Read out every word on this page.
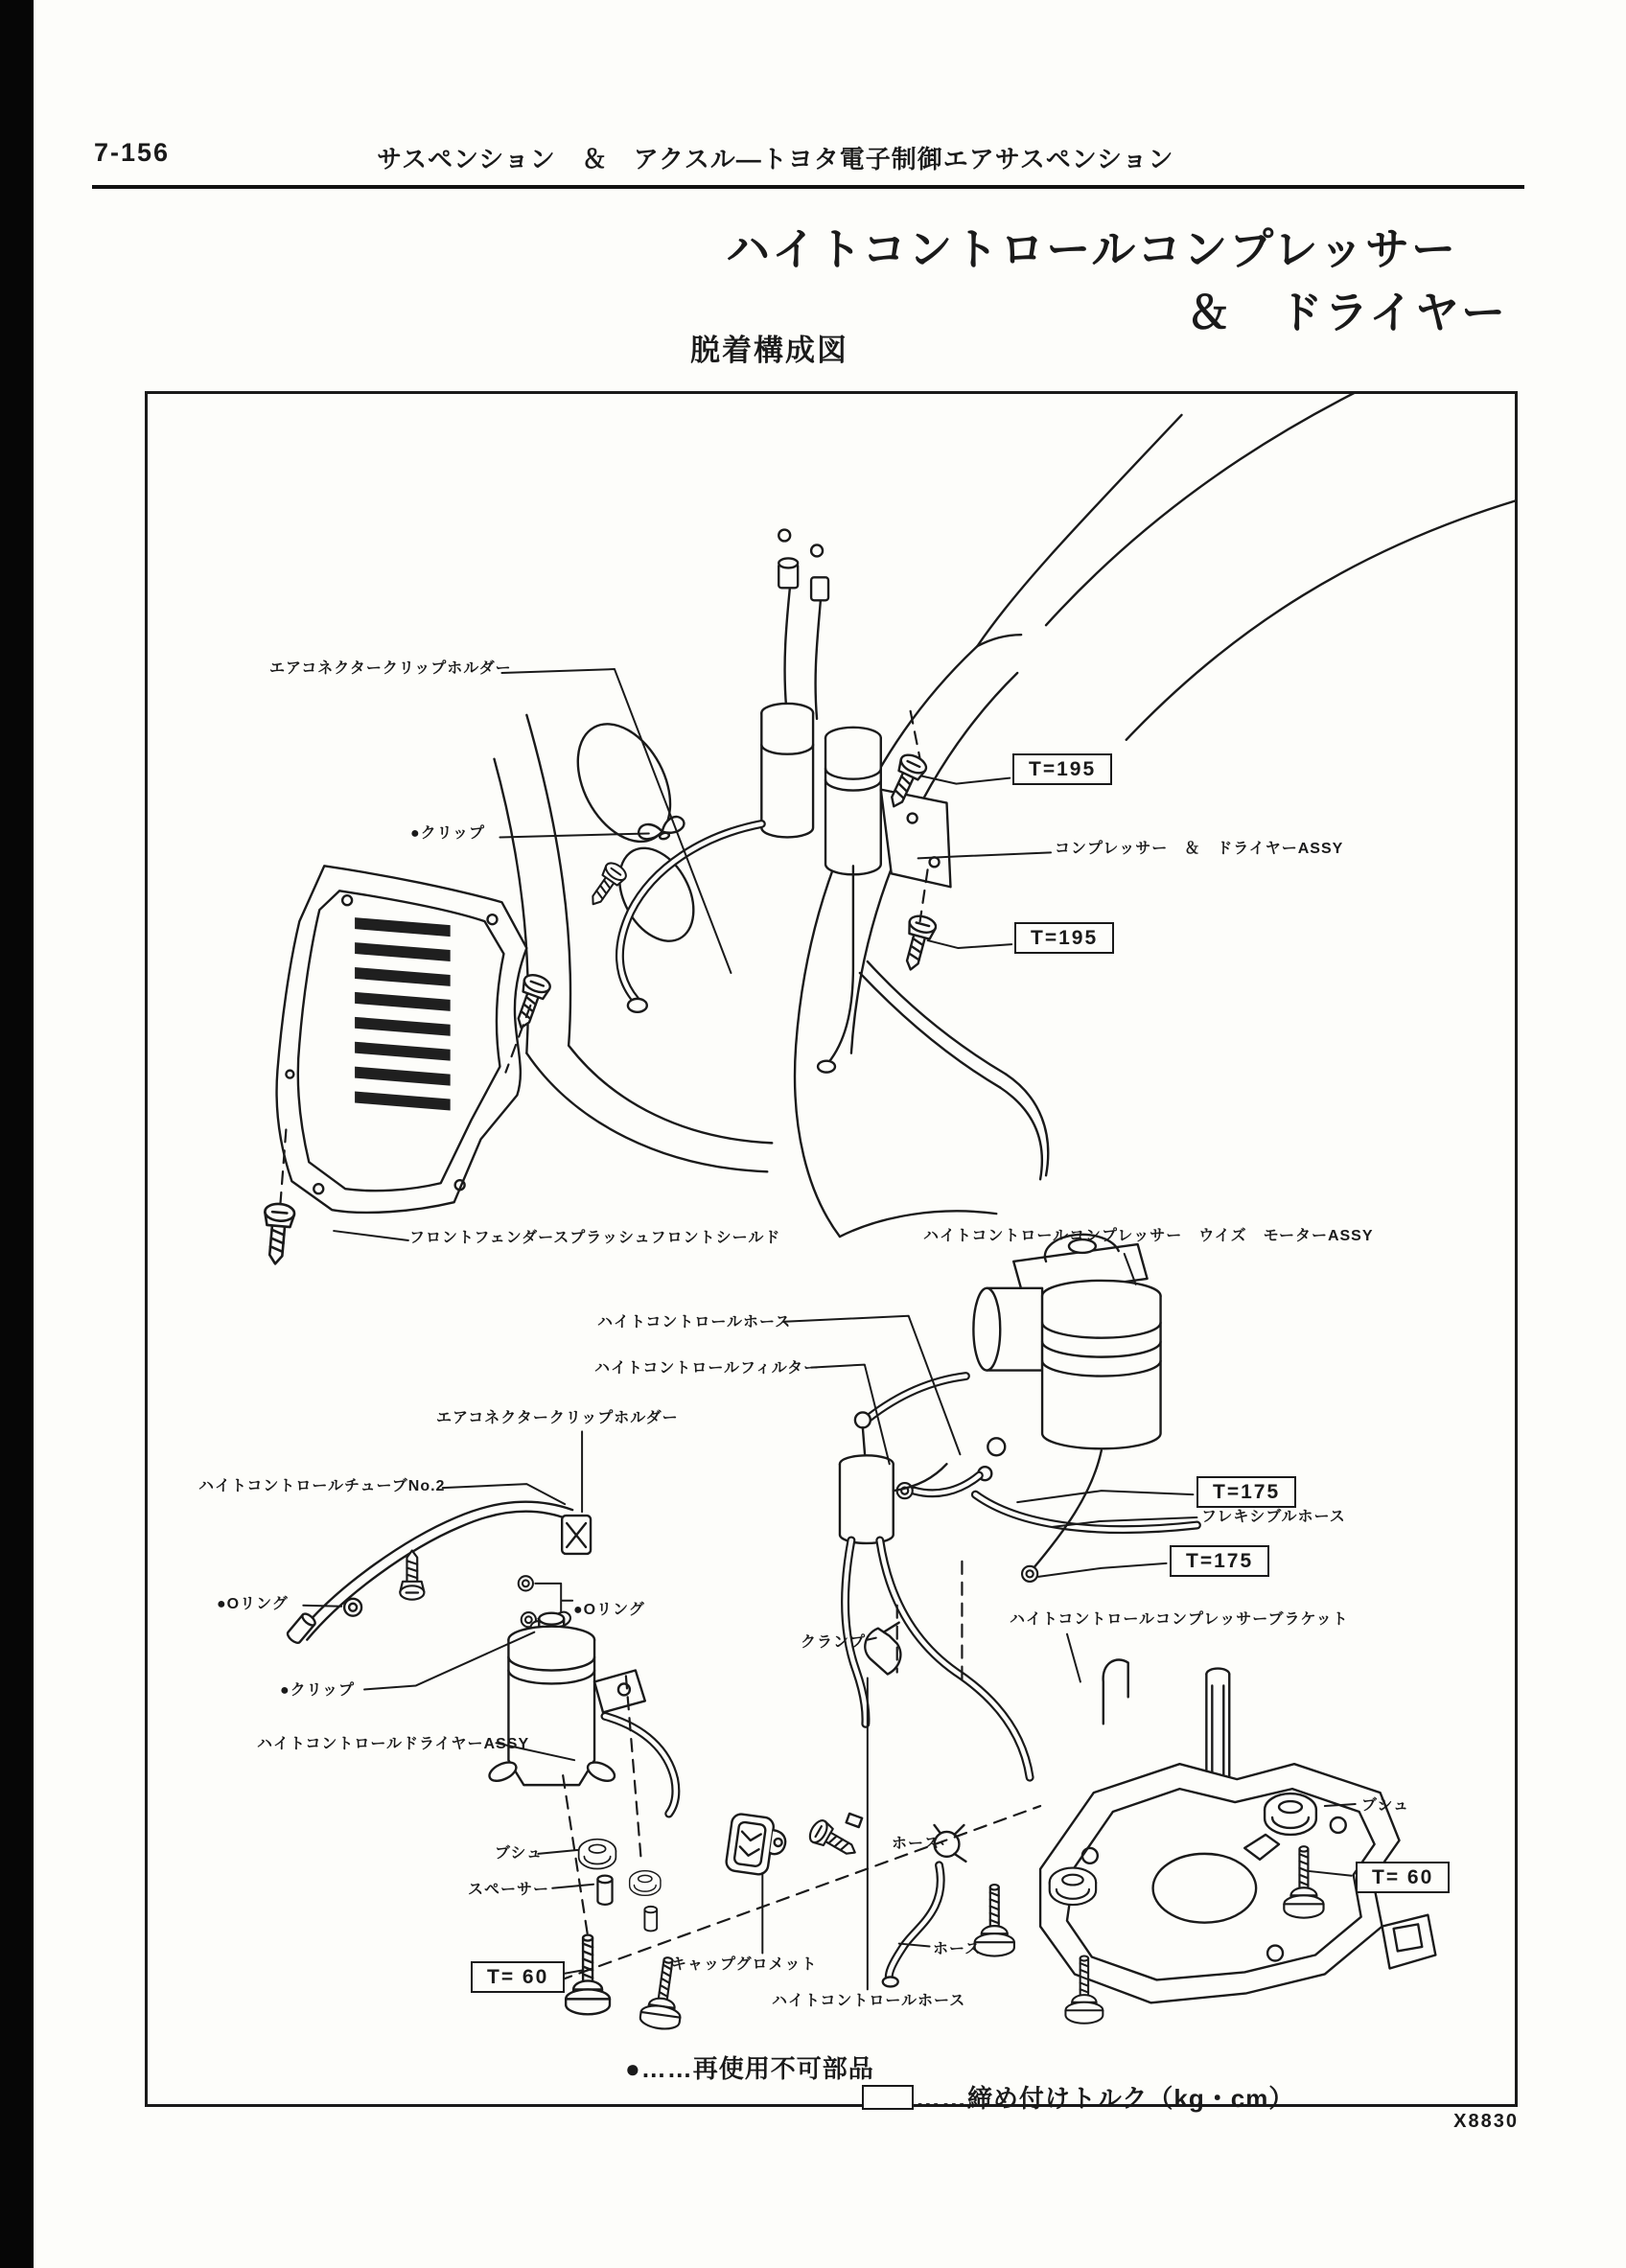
7-156	サスペンション　＆　アクスル―トヨタ電子制御エアサスペンション
ハイトコントロールコンプレッサー
＆　ドライヤー
脱着構成図
エアコネクタークリップホルダー
●クリップ
コンプレッサー　＆　ドライヤーASSY
フロントフェンダースプラッシュフロントシールド	ハイトコントロールコンプレッサー　ウイズ　モーターASSY
ハイトコントロールホース
ハイトコントロールフィルター
エアコネクタークリップホルダー
ハイトコントロールチューブNo.2
フレキシブルホース
●Oリング	●Oリング
クランプ
ハイトコントロールコンプレッサーブラケット
●クリップ
ハイトコントロールドライヤーASSY
ブシュ
スペーサー
ブシュ
ホース
ホース
キャップグロメット
ハイトコントロールホース
T=195
T=195
T=175
T=175
T= 60
T= 60
●……再使用不可部品

……締め付けトルク（kg・cm）

X8830
